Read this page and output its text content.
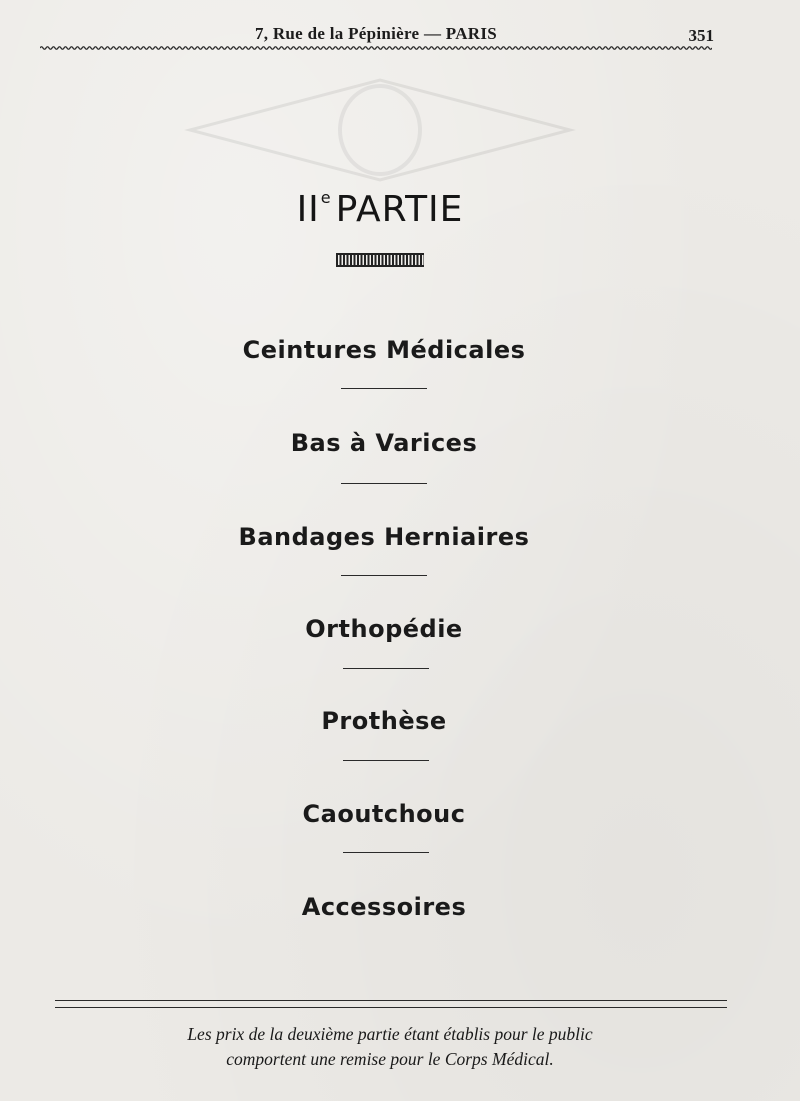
7, Rue de la Pépinière — PARIS	351
IIe PARTIE
Ceintures Médicales
Bas à Varices
Bandages Herniaires
Orthopédie
Prothèse
Caoutchouc
Accessoires
Les prix de la deuxième partie étant établis pour le public
comportent une remise pour le Corps Médical.
